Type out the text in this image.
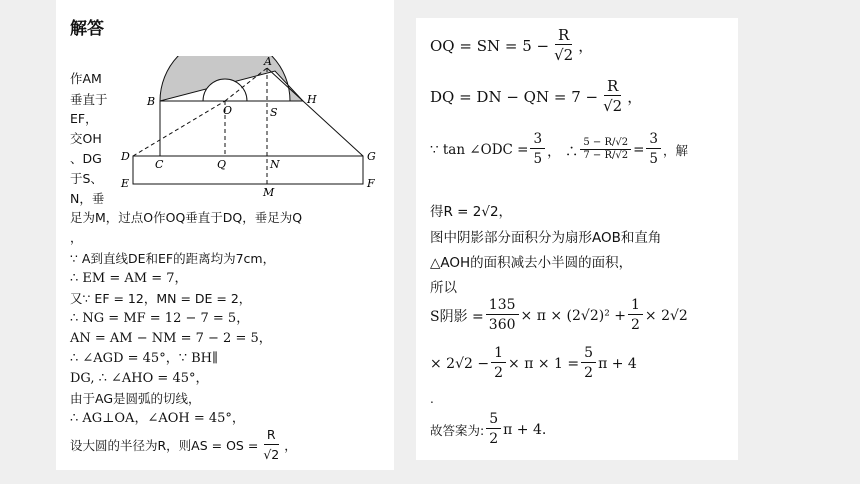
解答
A
B	H
O	S
D
C	Q	N
G
E
M
F
作AM
垂直于
EF，
交OH
、DG
于S、
N，垂
足为M，过点O作OQ垂直于DQ，垂足为Q
，
∵ A到直线DE和EF的距离均为7cm，
∴ EM = AM = 7，
又∵ EF = 12，MN = DE = 2，
∴ NG = MF = 12 − 7 = 5，
AN = AM − NM = 7 − 2 = 5，
∴ ∠AGD = 45°，∵ BH∥
DG, ∴ ∠AHO = 45°，
由于AG是圆弧的切线，
∴ AG⊥OA，∠AOH = 45°，
设大圆的半径为R，则AS = OS = $\frac{R}{√2}$ ，
OQ = SN = $5 - \frac{R}{√2}$ ，
DQ = DN − QN = $7 - \frac{R}{√2}$ ，
∵ tan ∠ODC = $\frac{3}{5}$ ， ∴ $\frac{5 - R/√2}{7 - R/√2} = \frac{3}{5}$ ，解
得R = 2√2，
图中阴影部分面积分为扇形AOB和直角
△AOH的面积减去小半圆的面积，
所以
S阴影 = $\frac{135}{360} \times \pi \times (2√2)^2 + \frac{1}{2} \times 2√2$
× $2√2 - \frac{1}{2} \times \pi \times 1 = \frac{5}{2}$ π + 4
.
故答案为: $\frac{5}{2}$ π + 4.
